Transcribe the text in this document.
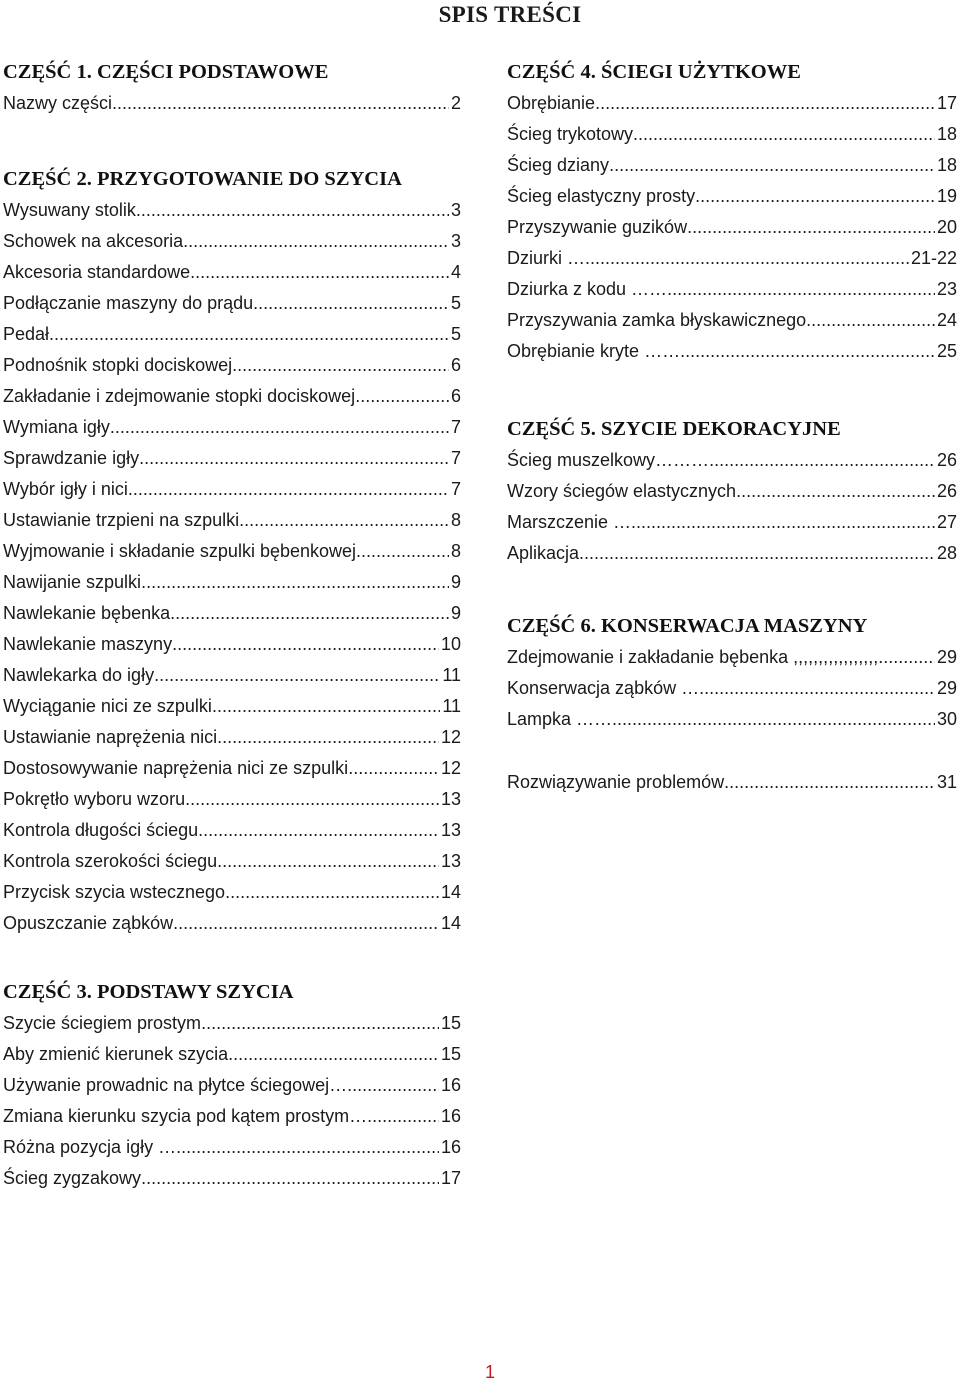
SPIS TREŚCI
CZĘŚĆ 1. CZĘŚCI PODSTAWOWE
Nazwy części .....	2
CZĘŚĆ 2. PRZYGOTOWANIE DO SZYCIA
Wysuwany stolik .....	3
Schowek na akcesoria .....	3
Akcesoria standardowe .....	4
Podłączanie maszyny do prądu .....	5
Pedał .....	5
Podnośnik stopki dociskowej .....	6
Zakładanie i zdejmowanie stopki dociskowej .....	6
Wymiana igły .....	7
Sprawdzanie igły .....	7
Wybór igły i nici .....	7
Ustawianie trzpieni na szpulki .....	8
Wyjmowanie i składanie szpulki bębenkowej .....	8
Nawijanie szpulki .....	9
Nawlekanie bębenka .....	9
Nawlekanie maszyny .....	10
Nawlekarka do igły .....	11
Wyciąganie nici ze szpulki .....	11
Ustawianie naprężenia nici .....	12
Dostosowywanie naprężenia nici ze szpulki .....	12
Pokrętło wyboru wzoru .....	13
Kontrola długości ściegu .....	13
Kontrola szerokości ściegu .....	13
Przycisk szycia wstecznego .....	14
Opuszczanie ząbków .....	14
CZĘŚĆ 3. PODSTAWY SZYCIA
Szycie ściegiem prostym .....	15
Aby zmienić kierunek szycia .....	15
Używanie prowadnic na płytce ściegowej… .....	16
Zmiana kierunku szycia pod kątem prostym… .....	16
Różna pozycja igły … .....	16
Ścieg zygzakowy .....	17
CZĘŚĆ 4. ŚCIEGI UŻYTKOWE
Obrębianie .....	17
Ścieg trykotowy .....	18
Ścieg dziany .....	18
Ścieg elastyczny prosty .....	19
Przyszywanie guzików .....	20
Dziurki … .....	21-22
Dziurka z kodu …… .....	23
Przyszywania zamka błyskawicznego .....	24
Obrębianie kryte …… .....	25
CZĘŚĆ 5. SZYCIE DEKORACYJNE
Ścieg muszelkowy……… .....	26
Wzory ściegów elastycznych .....	26
Marszczenie … .....	27
Aplikacja .....	28
CZĘŚĆ 6. KONSERWACJA MASZYNY
Zdejmowanie i zakładanie bębenka ,,,,,,,,,,,,,,,,, .....	29
Konserwacja ząbków … .....	29
Lampka …… .....	30
Rozwiązywanie problemów .....	31
1
